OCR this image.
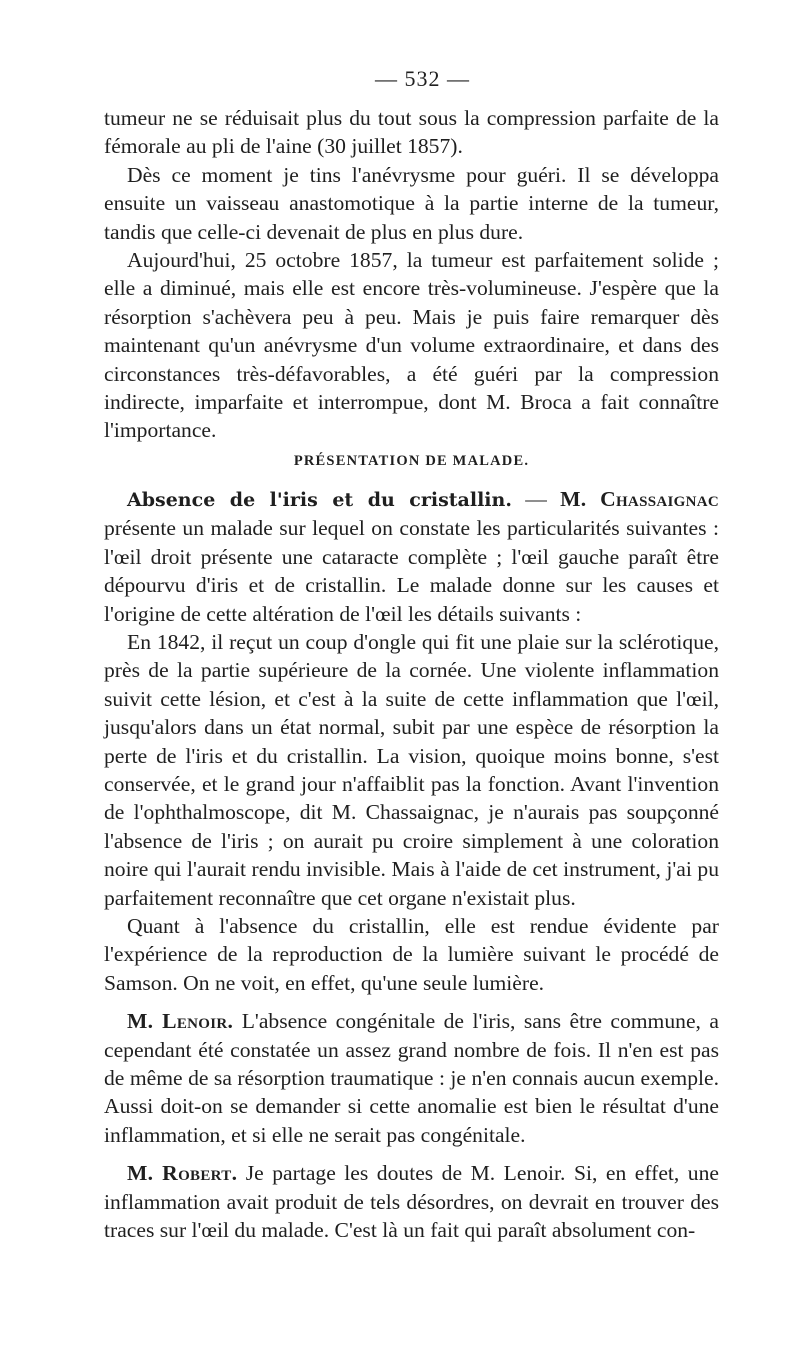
— 532 —

tumeur ne se réduisait plus du tout sous la compression parfaite de la fémorale au pli de l'aine (30 juillet 1857).

Dès ce moment je tins l'anévrysme pour guéri. Il se développa ensuite un vaisseau anastomotique à la partie interne de la tumeur, tandis que celle-ci devenait de plus en plus dure.

Aujourd'hui, 25 octobre 1857, la tumeur est parfaitement solide ; elle a diminué, mais elle est encore très-volumineuse. J'espère que la résorption s'achèvera peu à peu. Mais je puis faire remarquer dès maintenant qu'un anévrysme d'un volume extraordinaire, et dans des circonstances très-défavorables, a été guéri par la compression indirecte, imparfaite et interrompue, dont M. Broca a fait connaître l'importance.

PRÉSENTATION DE MALADE.

Absence de l'iris et du cristallin. — M. Chassaignac présente un malade sur lequel on constate les particularités suivantes : l'œil droit présente une cataracte complète ; l'œil gauche paraît être dépourvu d'iris et de cristallin. Le malade donne sur les causes et l'origine de cette altération de l'œil les détails suivants :

En 1842, il reçut un coup d'ongle qui fit une plaie sur la sclérotique, près de la partie supérieure de la cornée. Une violente inflammation suivit cette lésion, et c'est à la suite de cette inflammation que l'œil, jusqu'alors dans un état normal, subit par une espèce de résorption la perte de l'iris et du cristallin. La vision, quoique moins bonne, s'est conservée, et le grand jour n'affaiblit pas la fonction. Avant l'invention de l'ophthalmoscope, dit M. Chassaignac, je n'aurais pas soupçonné l'absence de l'iris ; on aurait pu croire simplement à une coloration noire qui l'aurait rendu invisible. Mais à l'aide de cet instrument, j'ai pu parfaitement reconnaître que cet organe n'existait plus.

Quant à l'absence du cristallin, elle est rendue évidente par l'expérience de la reproduction de la lumière suivant le procédé de Samson. On ne voit, en effet, qu'une seule lumière.

M. Lenoir. L'absence congénitale de l'iris, sans être commune, a cependant été constatée un assez grand nombre de fois. Il n'en est pas de même de sa résorption traumatique : je n'en connais aucun exemple. Aussi doit-on se demander si cette anomalie est bien le résultat d'une inflammation, et si elle ne serait pas congénitale.

M. Robert. Je partage les doutes de M. Lenoir. Si, en effet, une inflammation avait produit de tels désordres, on devrait en trouver des traces sur l'œil du malade. C'est là un fait qui paraît absolument con-
